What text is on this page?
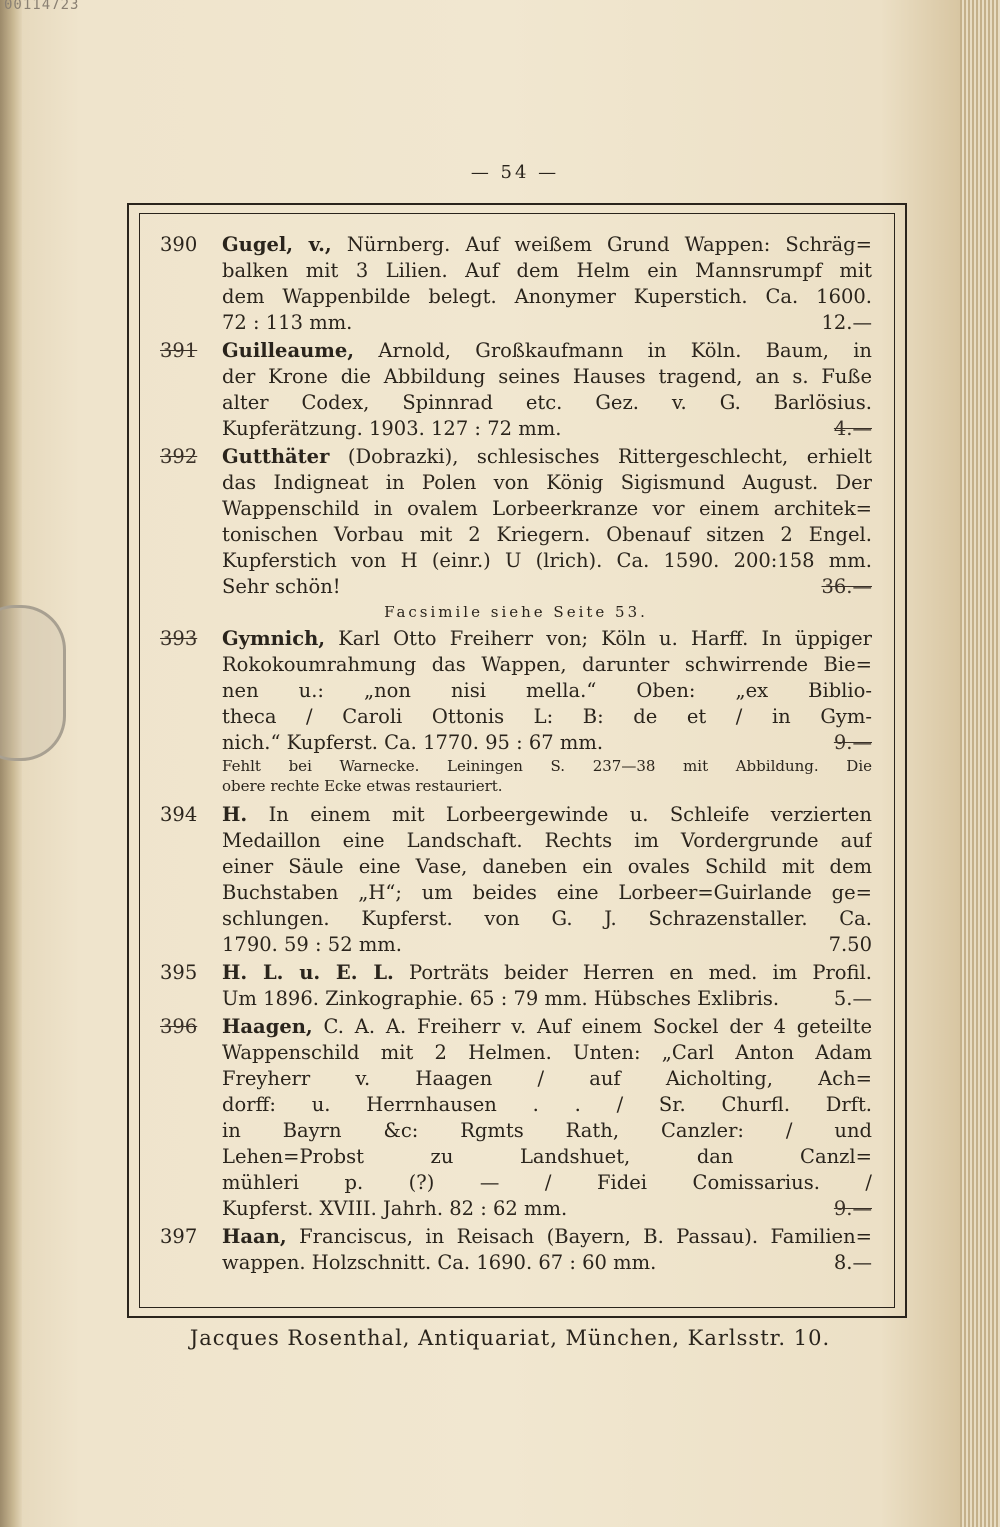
00114723
— 54 —
390 Gugel, v., Nürnberg. Auf weißem Grund Wappen: Schräg=
balken mit 3 Lilien. Auf dem Helm ein Mannsrumpf mit
dem Wappenbilde belegt. Anonymer Kuperstich. Ca. 1600.
72 : 113 mm.	12.—
391 Guilleaume, Arnold, Großkaufmann in Köln. Baum, in
der Krone die Abbildung seines Hauses tragend, an s. Fuße
alter Codex, Spinnrad etc. Gez. v. G. Barlösius.
Kupferätzung. 1903. 127 : 72 mm.	4.—
392 Gutthäter (Dobrazki), schlesisches Rittergeschlecht, erhielt
das Indigneat in Polen von König Sigismund August. Der
Wappenschild in ovalem Lorbeerkranze vor einem architek=
tonischen Vorbau mit 2 Kriegern. Obenauf sitzen 2 Engel.
Kupferstich von H (einr.) U (lrich). Ca. 1590. 200:158 mm.
Sehr schön!	36.—
Facsimile siehe Seite 53.
393 Gymnich, Karl Otto Freiherr von; Köln u. Harff. In üppiger
Rokokoumrahmung das Wappen, darunter schwirrende Bie=
nen u.: „non nisi mella.“ Oben: „ex Biblio-
theca / Caroli Ottonis L: B: de et / in Gym-
nich.“ Kupferst. Ca. 1770. 95 : 67 mm.	9.—
Fehlt bei Warnecke. Leiningen S. 237—38 mit Abbildung. Die
obere rechte Ecke etwas restauriert.
394 H. In einem mit Lorbeergewinde u. Schleife verzierten
Medaillon eine Landschaft. Rechts im Vordergrunde auf
einer Säule eine Vase, daneben ein ovales Schild mit dem
Buchstaben „H“; um beides eine Lorbeer=Guirlande ge=
schlungen. Kupferst. von G. J. Schrazenstaller. Ca.
1790. 59 : 52 mm.	7.50
395 H. L. u. E. L. Porträts beider Herren en med. im Profil.
Um 1896. Zinkographie. 65 : 79 mm. Hübsches Exlibris.	5.—
396 Haagen, C. A. A. Freiherr v. Auf einem Sockel der 4 geteilte
Wappenschild mit 2 Helmen. Unten: „Carl Anton Adam
Freyherr v. Haagen / auf Aicholting, Ach=
dorff: u. Herrnhausen . . / Sr. Churfl. Drft.
in Bayrn &c: Rgmts Rath, Canzler: / und
Lehen=Probst zu Landshuet, dan Canzl=
mühleri p. (?) — / Fidei Comissarius. /
Kupferst. XVIII. Jahrh. 82 : 62 mm.	9.—
397 Haan, Franciscus, in Reisach (Bayern, B. Passau). Familien=
wappen. Holzschnitt. Ca. 1690. 67 : 60 mm.	8.—
Jacques Rosenthal, Antiquariat, München, Karlsstr. 10.
